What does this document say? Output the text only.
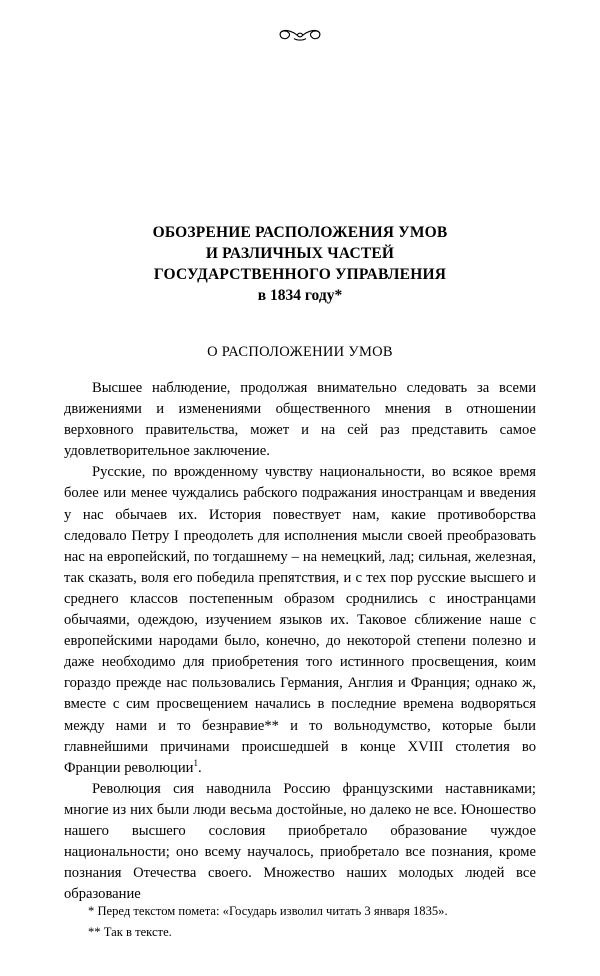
ОБОЗРЕНИЕ РАСПОЛОЖЕНИЯ УМОВ
И РАЗЛИЧНЫХ ЧАСТЕЙ
ГОСУДАРСТВЕННОГО УПРАВЛЕНИЯ
в 1834 году*
О РАСПОЛОЖЕНИИ УМОВ

Высшее наблюдение, продолжая внимательно следовать за всеми движениями и изменениями общественного мнения в отношении верховного правительства, может и на сей раз представить самое удовлетворительное заключение.

Русские, по врожденному чувству национальности, во всякое время более или менее чуждались рабского подражания иностранцам и введения у нас обычаев их. История повествует нам, какие противоборства следовало Петру I преодолеть для исполнения мысли своей преобразовать нас на европейский, по тогдашнему – на немецкий, лад; сильная, железная, так сказать, воля его победила препятствия, и с тех пор русские высшего и среднего классов постепенным образом сроднились с иностранцами обычаями, одеждою, изучением языков их. Таковое сближение наше с европейскими народами было, конечно, до некоторой степени полезно и даже необходимо для приобретения того истинного просвещения, коим гораздо прежде нас пользовались Германия, Англия и Франция; однако ж, вместе с сим просвещением начались в последние времена водворяться между нами и то безнравие** и то вольнодумство, которые были главнейшими причинами происшедшей в конце XVIII столетия во Франции революции$^1$.

Революция сия наводнила Россию французскими наставниками; многие из них были люди весьма достойные, но далеко не все. Юношество нашего высшего сословия приобретало образование чуждое национальности; оно всему научалось, приобретало все познания, кроме познания Отечества своего. Множество наших молодых людей все образование

* Перед текстом помета: «Государь изволил читать 3 января 1835».

** Так в тексте.
